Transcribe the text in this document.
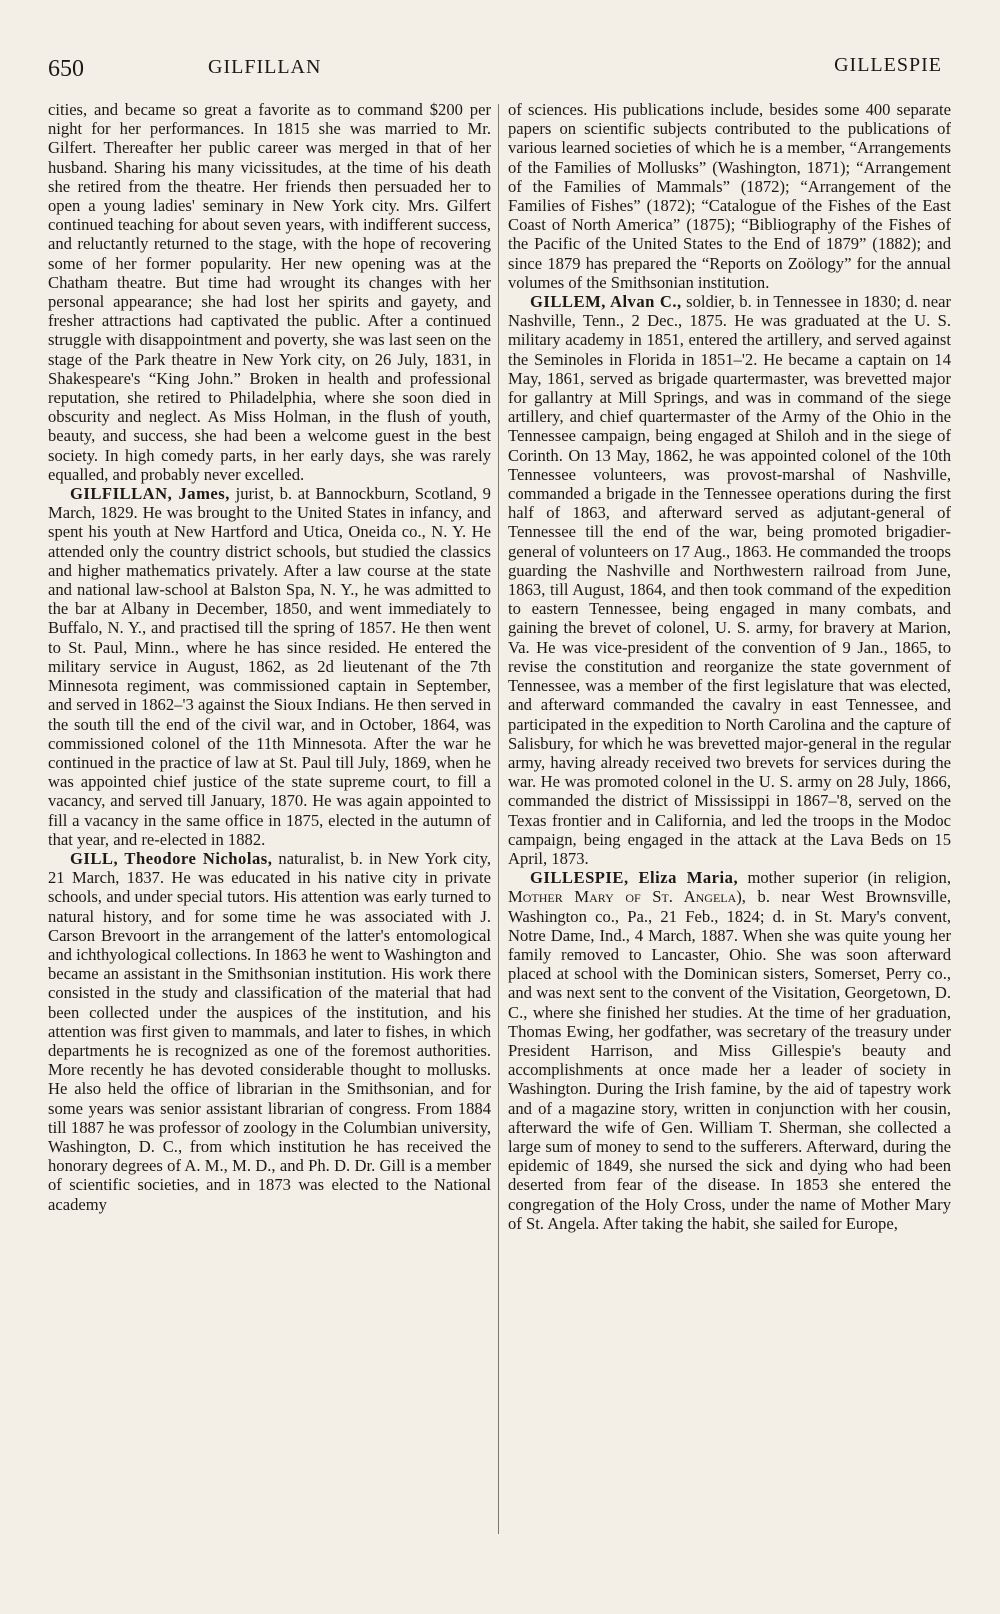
650	GILFILLAN	GILLESPIE

cities, and became so great a favorite as to command $200 per night for her performances. In 1815 she was married to Mr. Gilfert. Thereafter her public career was merged in that of her husband. Sharing his many vicissitudes, at the time of his death she retired from the theatre. Her friends then persuaded her to open a young ladies' seminary in New York city. Mrs. Gilfert continued teaching for about seven years, with indifferent success, and reluctantly returned to the stage, with the hope of recovering some of her former popularity. Her new opening was at the Chatham theatre. But time had wrought its changes with her personal appearance; she had lost her spirits and gayety, and fresher attractions had captivated the public. After a continued struggle with disappointment and poverty, she was last seen on the stage of the Park theatre in New York city, on 26 July, 1831, in Shakespeare's “King John.” Broken in health and professional reputation, she retired to Philadelphia, where she soon died in obscurity and neglect. As Miss Holman, in the flush of youth, beauty, and success, she had been a welcome guest in the best society. In high comedy parts, in her early days, she was rarely equalled, and probably never excelled.

GILFILLAN, James, jurist, b. at Bannockburn, Scotland, 9 March, 1829. He was brought to the United States in infancy, and spent his youth at New Hartford and Utica, Oneida co., N. Y. He attended only the country district schools, but studied the classics and higher mathematics privately. After a law course at the state and national law-school at Balston Spa, N. Y., he was admitted to the bar at Albany in December, 1850, and went immediately to Buffalo, N. Y., and practised till the spring of 1857. He then went to St. Paul, Minn., where he has since resided. He entered the military service in August, 1862, as 2d lieutenant of the 7th Minnesota regiment, was commissioned captain in September, and served in 1862–'3 against the Sioux Indians. He then served in the south till the end of the civil war, and in October, 1864, was commissioned colonel of the 11th Minnesota. After the war he continued in the practice of law at St. Paul till July, 1869, when he was appointed chief justice of the state supreme court, to fill a vacancy, and served till January, 1870. He was again appointed to fill a vacancy in the same office in 1875, elected in the autumn of that year, and re-elected in 1882.

GILL, Theodore Nicholas, naturalist, b. in New York city, 21 March, 1837. He was educated in his native city in private schools, and under special tutors. His attention was early turned to natural history, and for some time he was associated with J. Carson Brevoort in the arrangement of the latter's entomological and ichthyological collections. In 1863 he went to Washington and became an assistant in the Smithsonian institution. His work there consisted in the study and classification of the material that had been collected under the auspices of the institution, and his attention was first given to mammals, and later to fishes, in which departments he is recognized as one of the foremost authorities. More recently he has devoted considerable thought to mollusks. He also held the office of librarian in the Smithsonian, and for some years was senior assistant librarian of congress. From 1884 till 1887 he was professor of zoology in the Columbian university, Washington, D. C., from which institution he has received the honorary degrees of A. M., M. D., and Ph. D. Dr. Gill is a member of scientific societies, and in 1873 was elected to the National academy

of sciences. His publications include, besides some 400 separate papers on scientific subjects contributed to the publications of various learned societies of which he is a member, “Arrangements of the Families of Mollusks” (Washington, 1871); “Arrangement of the Families of Mammals” (1872); “Arrangement of the Families of Fishes” (1872); “Catalogue of the Fishes of the East Coast of North America” (1875); “Bibliography of the Fishes of the Pacific of the United States to the End of 1879” (1882); and since 1879 has prepared the “Reports on Zoölogy” for the annual volumes of the Smithsonian institution.

GILLEM, Alvan C., soldier, b. in Tennessee in 1830; d. near Nashville, Tenn., 2 Dec., 1875. He was graduated at the U. S. military academy in 1851, entered the artillery, and served against the Seminoles in Florida in 1851–'2. He became a captain on 14 May, 1861, served as brigade quartermaster, was brevetted major for gallantry at Mill Springs, and was in command of the siege artillery, and chief quartermaster of the Army of the Ohio in the Tennessee campaign, being engaged at Shiloh and in the siege of Corinth. On 13 May, 1862, he was appointed colonel of the 10th Tennessee volunteers, was provost-marshal of Nashville, commanded a brigade in the Tennessee operations during the first half of 1863, and afterward served as adjutant-general of Tennessee till the end of the war, being promoted brigadier-general of volunteers on 17 Aug., 1863. He commanded the troops guarding the Nashville and Northwestern railroad from June, 1863, till August, 1864, and then took command of the expedition to eastern Tennessee, being engaged in many combats, and gaining the brevet of colonel, U. S. army, for bravery at Marion, Va. He was vice-president of the convention of 9 Jan., 1865, to revise the constitution and reorganize the state government of Tennessee, was a member of the first legislature that was elected, and afterward commanded the cavalry in east Tennessee, and participated in the expedition to North Carolina and the capture of Salisbury, for which he was brevetted major-general in the regular army, having already received two brevets for services during the war. He was promoted colonel in the U. S. army on 28 July, 1866, commanded the district of Mississippi in 1867–'8, served on the Texas frontier and in California, and led the troops in the Modoc campaign, being engaged in the attack at the Lava Beds on 15 April, 1873.

GILLESPIE, Eliza Maria, mother superior (in religion, Mother Mary of St. Angela), b. near West Brownsville, Washington co., Pa., 21 Feb., 1824; d. in St. Mary's convent, Notre Dame, Ind., 4 March, 1887. When she was quite young her family removed to Lancaster, Ohio. She was soon afterward placed at school with the Dominican sisters, Somerset, Perry co., and was next sent to the convent of the Visitation, Georgetown, D. C., where she finished her studies. At the time of her graduation, Thomas Ewing, her godfather, was secretary of the treasury under President Harrison, and Miss Gillespie's beauty and accomplishments at once made her a leader of society in Washington. During the Irish famine, by the aid of tapestry work and of a magazine story, written in conjunction with her cousin, afterward the wife of Gen. William T. Sherman, she collected a large sum of money to send to the sufferers. Afterward, during the epidemic of 1849, she nursed the sick and dying who had been deserted from fear of the disease. In 1853 she entered the congregation of the Holy Cross, under the name of Mother Mary of St. Angela. After taking the habit, she sailed for Europe,
